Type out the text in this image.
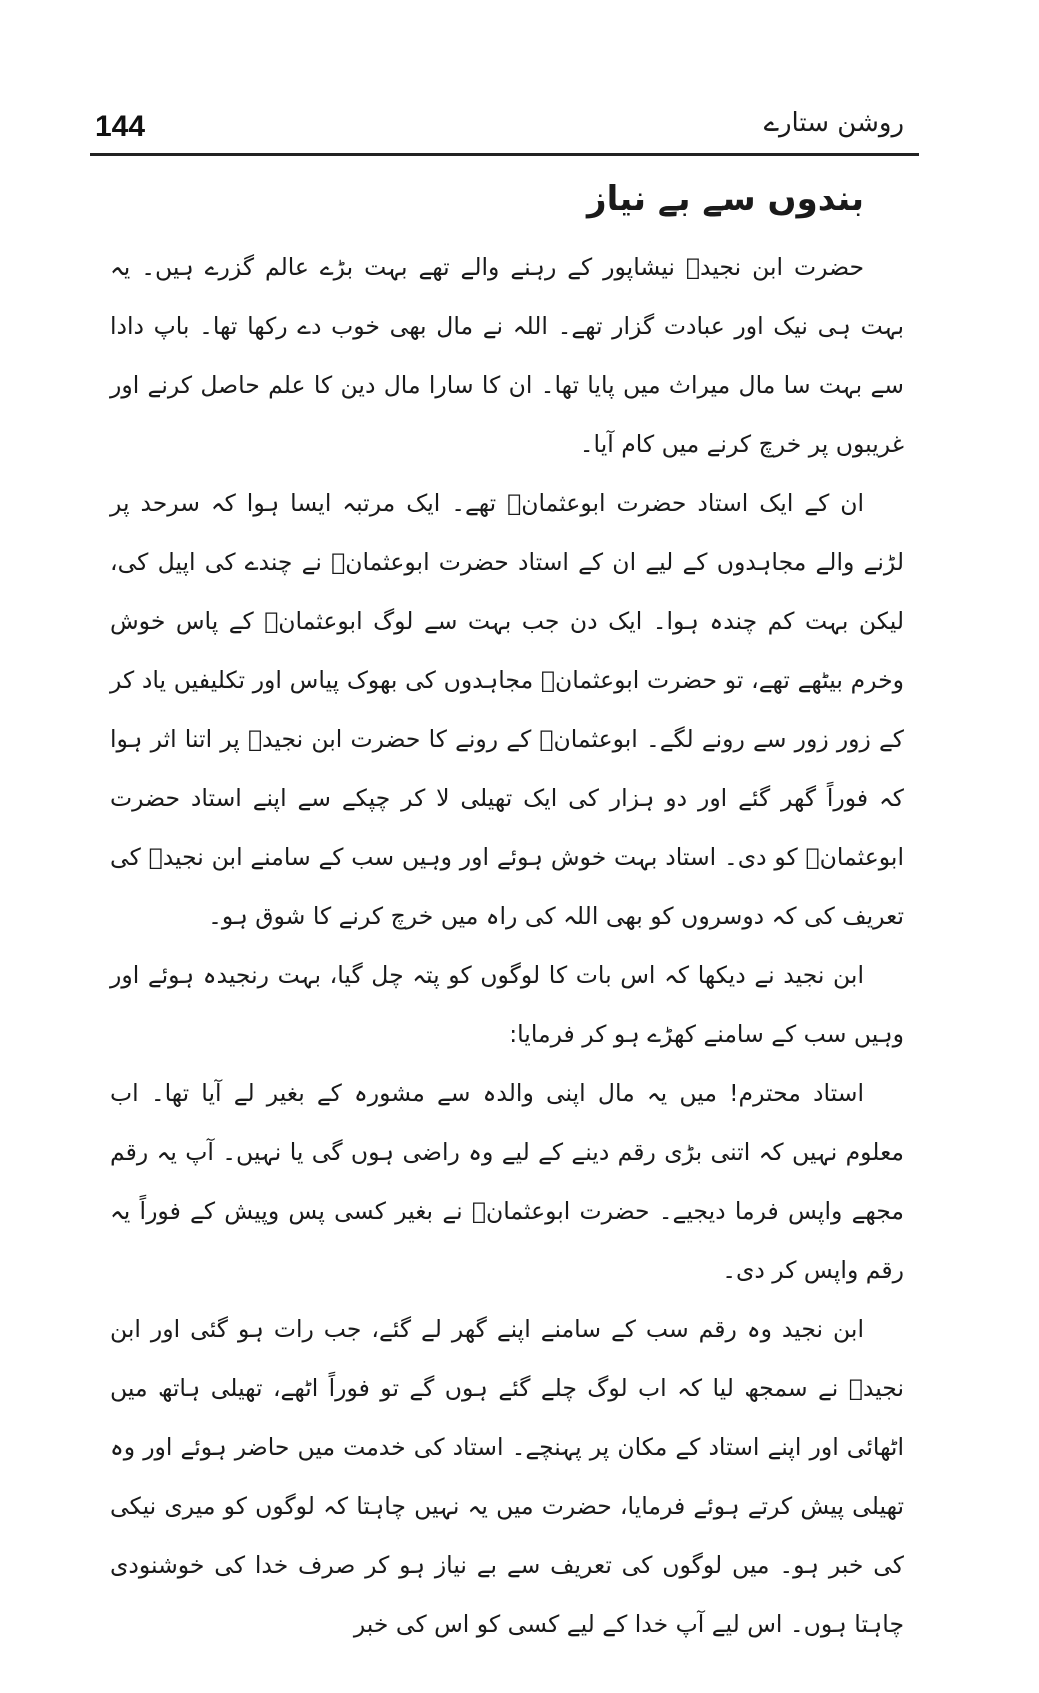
144	روشن ستارے
بندوں سے بے نیاز

حضرت ابن نجیدؒ نیشاپور کے رہنے والے تھے بہت بڑے عالم گزرے ہیں۔ یہ بہت ہی نیک اور عبادت گزار تھے۔ اللہ نے مال بھی خوب دے رکھا تھا۔ باپ دادا سے بہت سا مال میراث میں پایا تھا۔ ان کا سارا مال دین کا علم حاصل کرنے اور غریبوں پر خرچ کرنے میں کام آیا۔

ان کے ایک استاد حضرت ابوعثمانؒ تھے۔ ایک مرتبہ ایسا ہوا کہ سرحد پر لڑنے والے مجاہدوں کے لیے ان کے استاد حضرت ابوعثمانؒ نے چندے کی اپیل کی، لیکن بہت کم چندہ ہوا۔ ایک دن جب بہت سے لوگ ابوعثمانؒ کے پاس خوش وخرم بیٹھے تھے، تو حضرت ابوعثمانؒ مجاہدوں کی بھوک پیاس اور تکلیفیں یاد کر کے زور زور سے رونے لگے۔ ابوعثمانؒ کے رونے کا حضرت ابن نجیدؒ پر اتنا اثر ہوا کہ فوراً گھر گئے اور دو ہزار کی ایک تھیلی لا کر چپکے سے اپنے استاد حضرت ابوعثمانؒ کو دی۔ استاد بہت خوش ہوئے اور وہیں سب کے سامنے ابن نجیدؒ کی تعریف کی کہ دوسروں کو بھی اللہ کی راہ میں خرچ کرنے کا شوق ہو۔

ابن نجید نے دیکھا کہ اس بات کا لوگوں کو پتہ چل گیا، بہت رنجیدہ ہوئے اور وہیں سب کے سامنے کھڑے ہو کر فرمایا:

استاد محترم! میں یہ مال اپنی والدہ سے مشورہ کے بغیر لے آیا تھا۔ اب معلوم نہیں کہ اتنی بڑی رقم دینے کے لیے وہ راضی ہوں گی یا نہیں۔ آپ یہ رقم مجھے واپس فرما دیجیے۔ حضرت ابوعثمانؒ نے بغیر کسی پس وپیش کے فوراً یہ رقم واپس کر دی۔

ابن نجید وہ رقم سب کے سامنے اپنے گھر لے گئے، جب رات ہو گئی اور ابن نجیدؒ نے سمجھ لیا کہ اب لوگ چلے گئے ہوں گے تو فوراً اٹھے، تھیلی ہاتھ میں اٹھائی اور اپنے استاد کے مکان پر پہنچے۔ استاد کی خدمت میں حاضر ہوئے اور وہ تھیلی پیش کرتے ہوئے فرمایا، حضرت میں یہ نہیں چاہتا کہ لوگوں کو میری نیکی کی خبر ہو۔ میں لوگوں کی تعریف سے بے نیاز ہو کر صرف خدا کی خوشنودی چاہتا ہوں۔ اس لیے آپ خدا کے لیے کسی کو اس کی خبر
